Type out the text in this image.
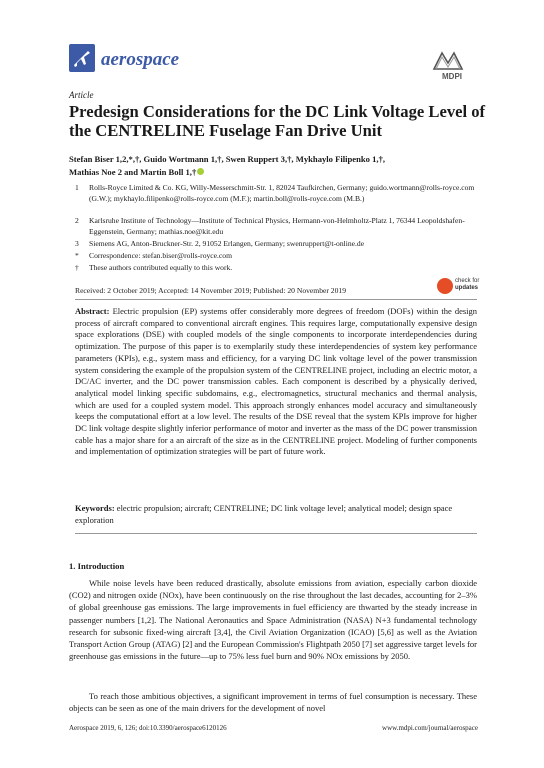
aerospace
MDPI
Article
Predesign Considerations for the DC Link Voltage Level of the CENTRELINE Fuselage Fan Drive Unit
Stefan Biser 1,2,*,†, Guido Wortmann 1,†, Swen Ruppert 3,†, Mykhaylo Filipenko 1,†,
Mathias Noe 2 and Martin Boll 1,†
1	Rolls-Royce Limited & Co. KG, Willy-Messerschmitt-Str. 1, 82024 Taufkirchen, Germany; guido.wortmann@rolls-royce.com (G.W.); mykhaylo.filipenko@rolls-royce.com (M.F.); martin.boll@rolls-royce.com (M.B.)
2	Karlsruhe Institute of Technology—Institute of Technical Physics, Hermann-von-Helmholtz-Platz 1, 76344 Leopoldshafen-Eggenstein, Germany; mathias.noe@kit.edu
3	Siemens AG, Anton-Bruckner-Str. 2, 91052 Erlangen, Germany; swenruppert@t-online.de
*	Correspondence: stefan.biser@rolls-royce.com
†	These authors contributed equally to this work.
check for
updates
Received: 2 October 2019; Accepted: 14 November 2019; Published: 20 November 2019
Abstract: Electric propulsion (EP) systems offer considerably more degrees of freedom (DOFs) within the design process of aircraft compared to conventional aircraft engines. This requires large, computationally expensive design space explorations (DSE) with coupled models of the single components to incorporate interdependencies during optimization. The purpose of this paper is to exemplarily study these interdependencies of system key performance parameters (KPIs), e.g., system mass and efficiency, for a varying DC link voltage level of the power transmission system considering the example of the propulsion system of the CENTRELINE project, including an electric motor, a DC/AC inverter, and the DC power transmission cables. Each component is described by a physically derived, analytical model linking specific subdomains, e.g., electromagnetics, structural mechanics and thermal analysis, which are used for a coupled system model. This approach strongly enhances model accuracy and simultaneously keeps the computational effort at a low level. The results of the DSE reveal that the system KPIs improve for higher DC link voltage despite slightly inferior performance of motor and inverter as the mass of the DC power transmission cable has a major share for a an aircraft of the size as in the CENTRELINE project. Modeling of further components and implementation of optimization strategies will be part of future work.
Keywords: electric propulsion; aircraft; CENTRELINE; DC link voltage level; analytical model; design space exploration
1. Introduction
While noise levels have been reduced drastically, absolute emissions from aviation, especially carbon dioxide (CO2) and nitrogen oxide (NOx), have been continuously on the rise throughout the last decades, accounting for 2–3% of global greenhouse gas emissions. The large improvements in fuel efficiency are thwarted by the steady increase in passenger numbers [1,2]. The National Aeronautics and Space Administration (NASA) N+3 fundamental technology research for subsonic fixed-wing aircraft [3,4], the Civil Aviation Organization (ICAO) [5,6] as well as the Aviation Transport Action Group (ATAG) [2] and the European Commission's Flightpath 2050 [7] set aggressive target levels for greenhouse gas emissions in the future—up to 75% less fuel burn and 90% NOx emissions by 2050.
To reach those ambitious objectives, a significant improvement in terms of fuel consumption is necessary. These objects can be seen as one of the main drivers for the development of novel
Aerospace 2019, 6, 126; doi:10.3390/aerospace6120126	www.mdpi.com/journal/aerospace
